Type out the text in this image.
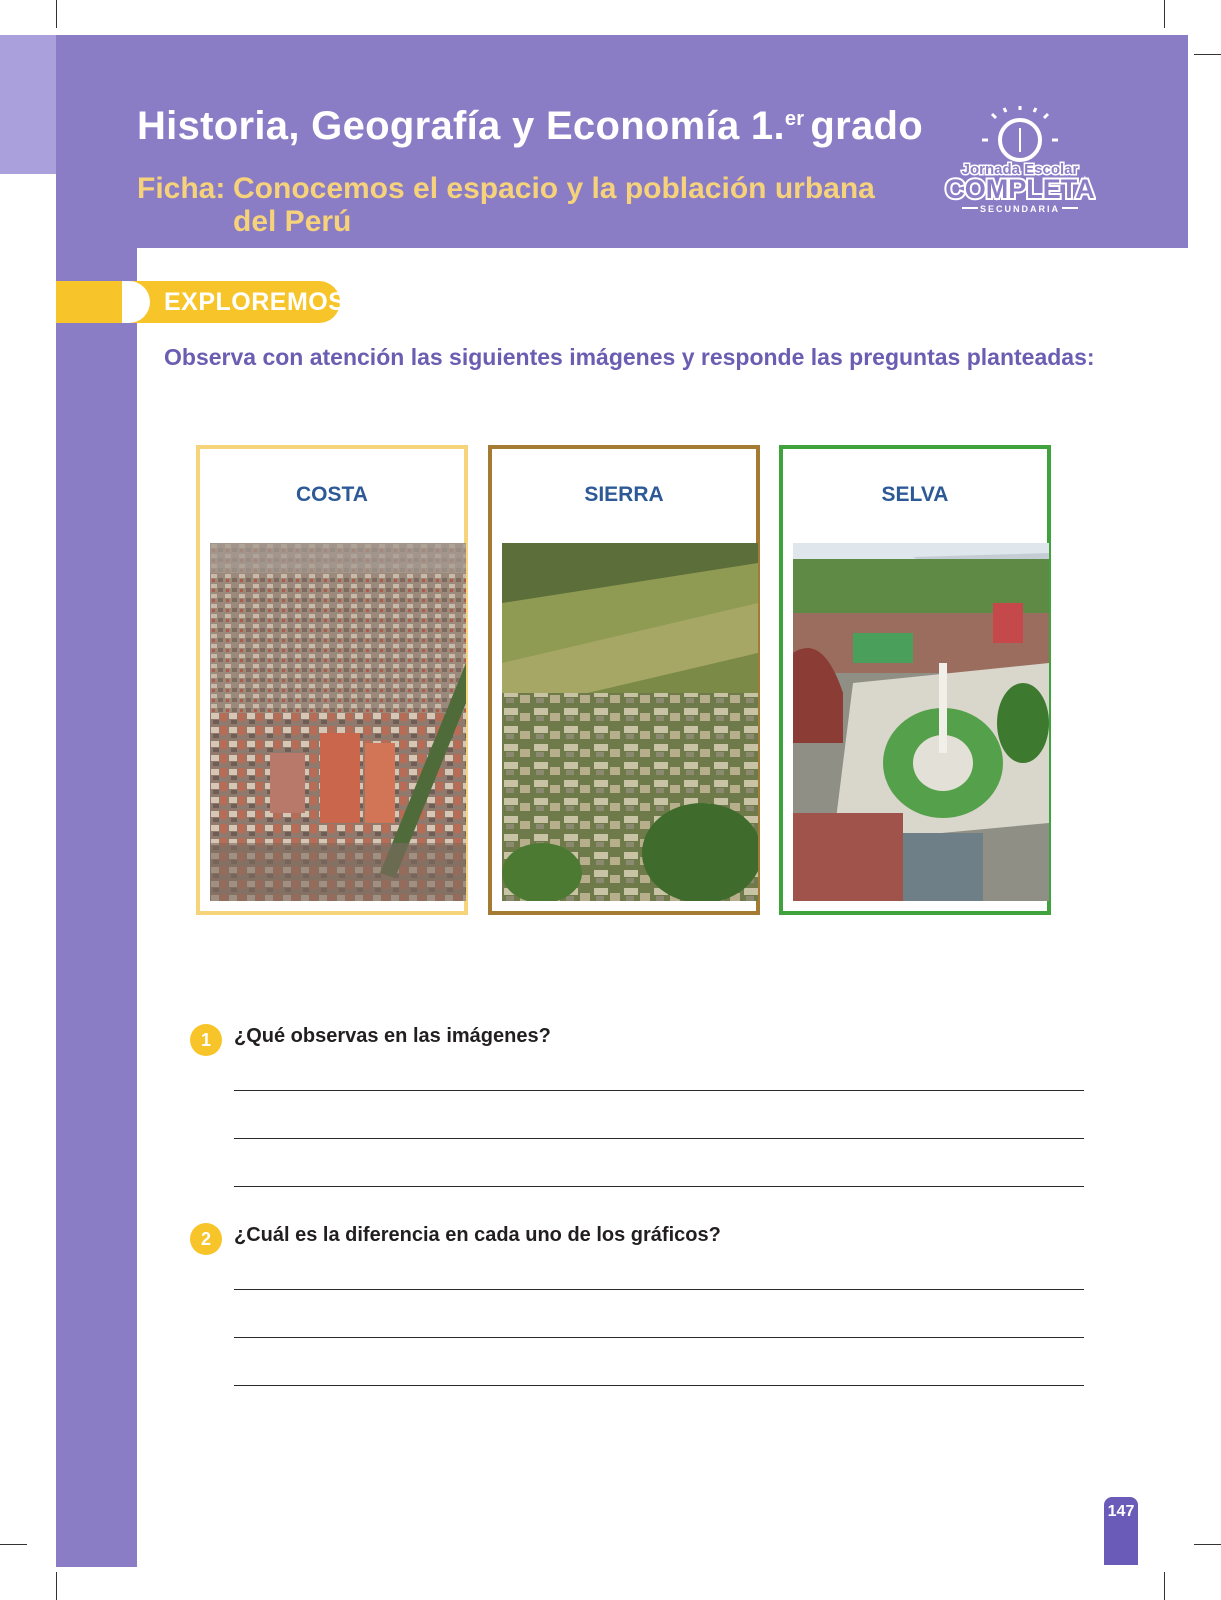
Historia, Geografía y Economía 1.$^{er}$ grado
Ficha: Conocemos el espacio y la población urbana del Perú
Jornada Escolar
COMPLETA
SECUNDARIA
EXPLOREMOS
Observa con atención las siguientes imágenes y responde las preguntas planteadas:
COSTA	SIERRA	SELVA
1	¿Qué observas en las imágenes?
2	¿Cuál es la diferencia en cada uno de los gráficos?
147
